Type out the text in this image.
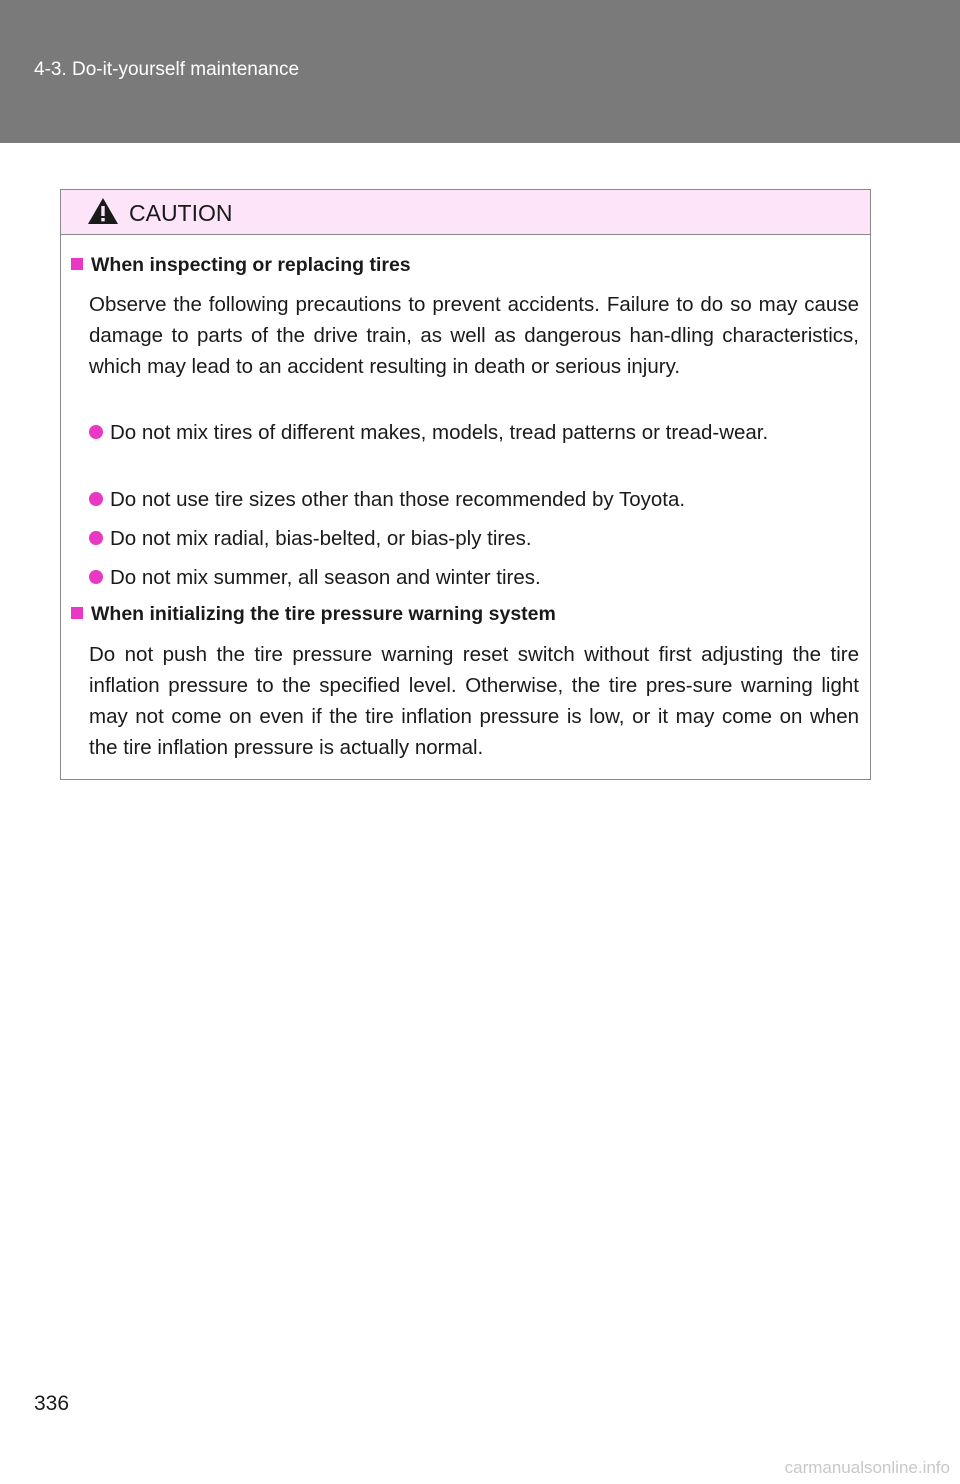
4-3. Do-it-yourself maintenance
CAUTION
When inspecting or replacing tires
Observe the following precautions to prevent accidents. Failure to do so may cause damage to parts of the drive train, as well as dangerous han-dling characteristics, which may lead to an accident resulting in death or serious injury.
Do not mix tires of different makes, models, tread patterns or tread-wear.
Do not use tire sizes other than those recommended by Toyota.
Do not mix radial, bias-belted, or bias-ply tires.
Do not mix summer, all season and winter tires.
When initializing the tire pressure warning system
Do not push the tire pressure warning reset switch without first adjusting the tire inflation pressure to the specified level. Otherwise, the tire pres-sure warning light may not come on even if the tire inflation pressure is low, or it may come on when the tire inflation pressure is actually normal.
336
carmanualsonline.info
